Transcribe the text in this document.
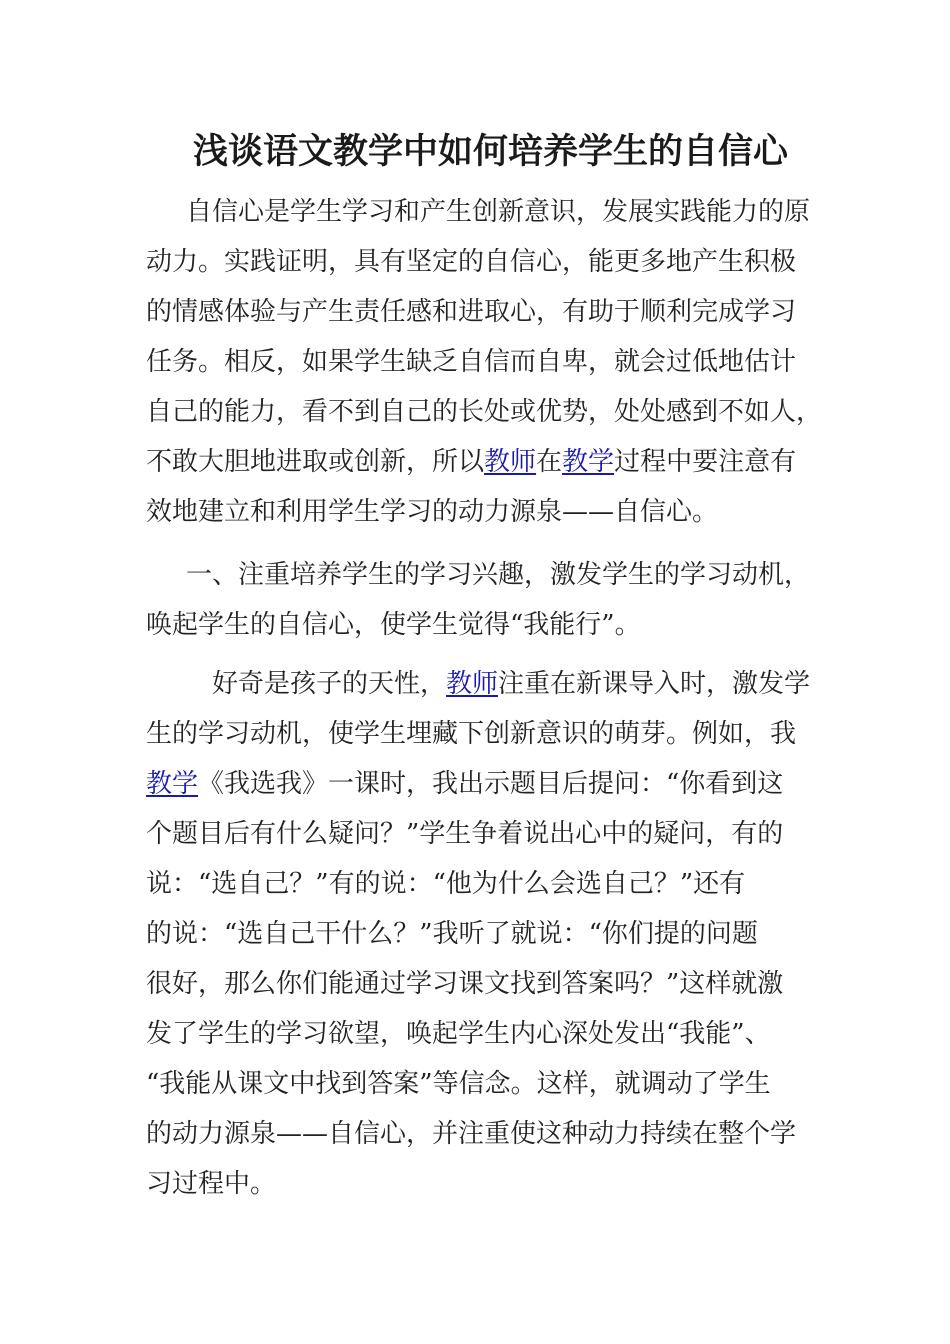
浅谈语文教学中如何培养学生的自信心
自信心是学生学习和产生创新意识，发展实践能力的原
动力。实践证明，具有坚定的自信心，能更多地产生积极
的情感体验与产生责任感和进取心，有助于顺利完成学习
任务。相反，如果学生缺乏自信而自卑，就会过低地估计
自己的能力，看不到自己的长处或优势，处处感到不如人，
不敢大胆地进取或创新，所以教师在教学过程中要注意有
效地建立和利用学生学习的动力源泉——自信心。
一、注重培养学生的学习兴趣，激发学生的学习动机，
唤起学生的自信心，使学生觉得“我能行”。
好奇是孩子的天性，教师注重在新课导入时，激发学
生的学习动机，使学生埋藏下创新意识的萌芽。例如，我
教学《我选我》一课时，我出示题目后提问：“你看到这
个题目后有什么疑问？”学生争着说出心中的疑问，有的
说：“选自己？”有的说：“他为什么会选自己？”还有
的说：“选自己干什么？”我听了就说：“你们提的问题
很好，那么你们能通过学习课文找到答案吗？”这样就激
发了学生的学习欲望，唤起学生内心深处发出“我能”、
“我能从课文中找到答案”等信念。这样，就调动了学生
的动力源泉——自信心，并注重使这种动力持续在整个学
习过程中。
